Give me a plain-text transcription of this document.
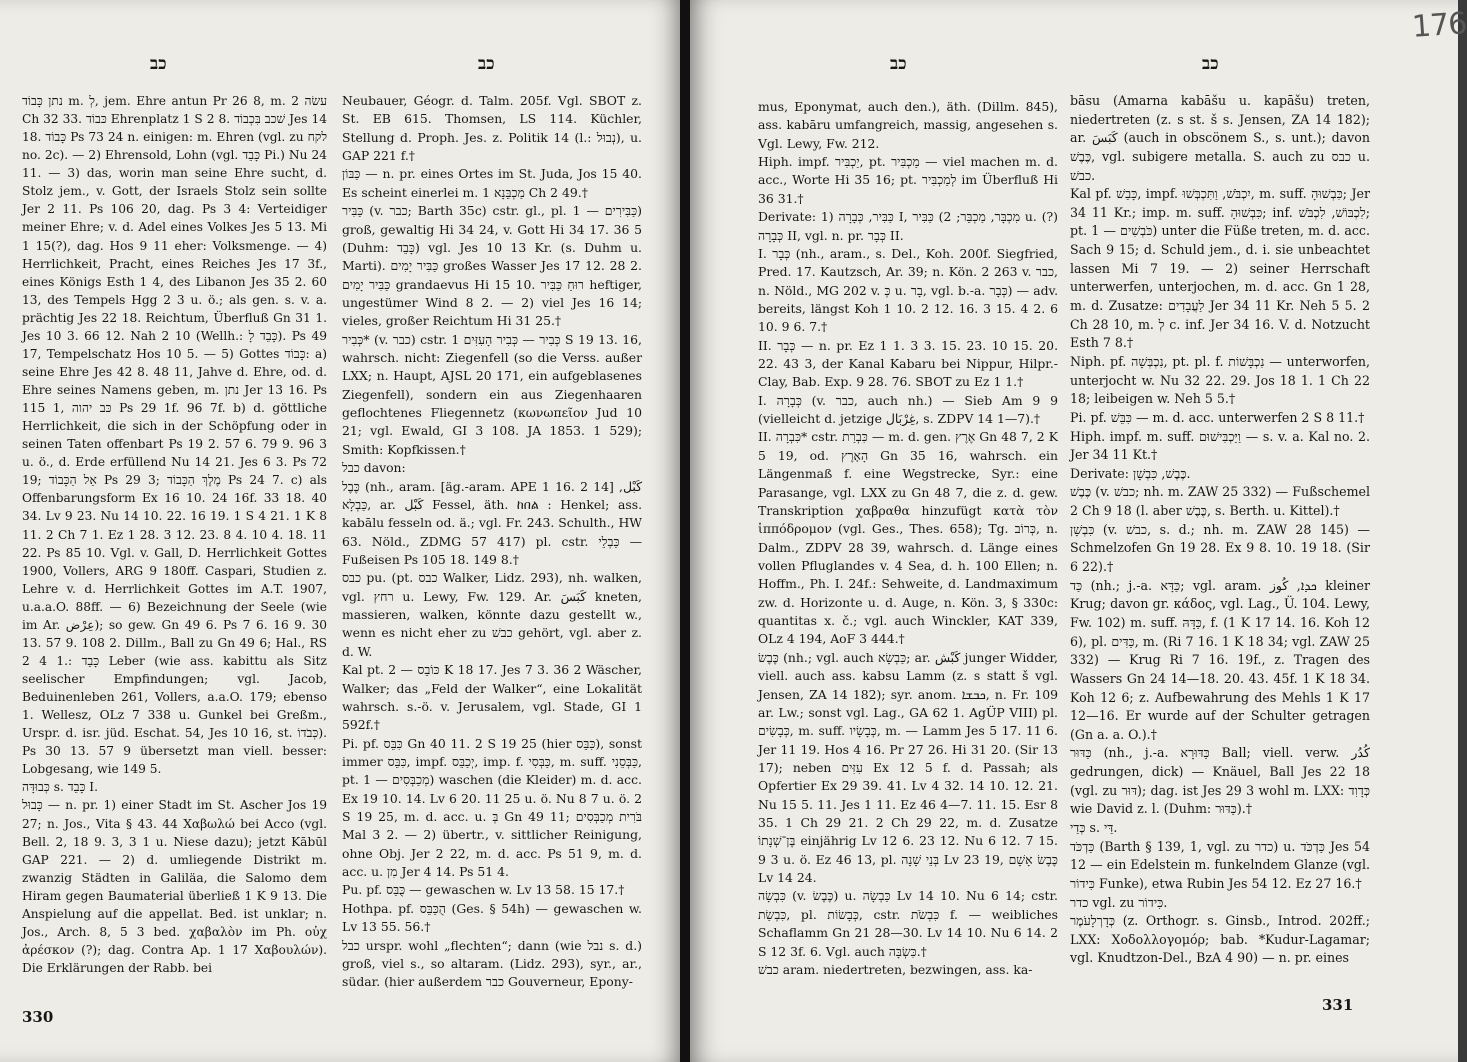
כב	כב

נתן כָּבוֹד m. לְ, jem. Ehre antun Pr 26 8, m. עשׂה 2 Ch 32 33. כּבוֹד Ehrenplatz 1 S 2 8. שׁכב בִּכְבוֹד Jes 14 18. כָּבוֹד Ps 73 24 n. einigen: m. Ehren (vgl. zu לקח no. 2c). — 2) Ehrensold, Lohn (vgl. כָּבֵד Pi.) Nu 24 11. — 3) das, worin man seine Ehre sucht, d. Stolz jem., v. Gott, der Israels Stolz sein sollte Jer 2 11. Ps 106 20, dag. Ps 3 4: Verteidiger meiner Ehre; v. d. Adel eines Volkes Jes 5 13. Mi 1 15(?), dag. Hos 9 11 eher: Volksmenge. — 4) Herrlichkeit, Pracht, eines Reiches Jes 17 3f., eines Königs Esth 1 4, des Libanon Jes 35 2. 60 13, des Tempels Hgg 2 3 u. ö.; als gen. s. v. a. prächtig Jes 22 18. Reichtum, Überfluß Gn 31 1. Jes 10 3. 66 12. Nah 2 10 (Wellh.: כָּבֵד לָ). Ps 49 17, Tempelschatz Hos 10 5. — 5) Gottes כָּבוֹד: a) seine Ehre Jes 42 8. 48 11, Jahve d. Ehre, od. d. Ehre seines Namens geben, m. נתן Jer 13 16. Ps 115 1, כּב יהוה Ps 29 1f. 96 7f. b) d. göttliche Herrlichkeit, die sich in der Schöpfung oder in seinen Taten offenbart Ps 19 2. 57 6. 79 9. 96 3 u. ö., d. Erde erfüllend Nu 14 21. Jes 6 3. Ps 72 19; אֵל הַכָּבוֹד Ps 29 3; מֶלֶךְ הַכָּבוֹד Ps 24 7. c) als Offenbarungsform Ex 16 10. 24 16f. 33 18. 40 34. Lv 9 23. Nu 14 10. 22. 16 19. 1 S 4 21. 1 K 8 11. 2 Ch 7 1. Ez 1 28. 3 12. 23. 8 4. 10 4. 18. 11 22. Ps 85 10. Vgl. v. Gall, D. Herrlichkeit Gottes 1900, Vollers, ARG 9 180ff. Caspari, Studien z. Lehre v. d. Herrlichkeit Gottes im A.T. 1907, u.a.a.O. 88ff. — 6) Bezeichnung der Seele (wie im Ar. عِرْض); so gew. Gn 49 6. Ps 7 6. 16 9. 30 13. 57 9. 108 2. Dillm., Ball zu Gn 49 6; Hal., RS 2 4 1.: כָּבֵד Leber (wie ass. kabittu als Sitz seelischer Empfindungen; vgl. Jacob, Beduinenleben 261, Vollers, a.a.O. 179; ebenso 1. Wellesz, OLz 7 338 u. Gunkel bei Greßm., Urspr. d. isr. jüd. Eschat. 54, Jes 10 16, st. כְּבֹדוֹ). Ps 30 13. 57 9 übersetzt man viell. besser: Lobgesang, wie 149 5.

כְּבוּדָּה s. כָּבֵד I.

כָּבוּל — n. pr. 1) einer Stadt im St. Ascher Jos 19 27; n. Jos., Vita § 43. 44 Χαβωλώ bei Acco (vgl. Bell. 2, 18 9. 3, 3 1 u. Niese dazu); jetzt Kābūl GAP 221. — 2) d. umliegende Distrikt m. zwanzig Städten in Galiläa, die Salomo dem Hiram gegen Baumaterial überließ 1 K 9 13. Die Anspielung auf die appellat. Bed. ist unklar; n. Jos., Arch. 8, 5 3 bed. χαβαλὸν im Ph. οὐχ ἀρέσκον (?); dag. Contra Ap. 1 17 Χαβουλών). Die Erklärungen der Rabb. bei

Neubauer, Géogr. d. Talm. 205f. Vgl. SBOT z. St. EB 615. Thomsen, LS 114. Küchler, Stellung d. Proph. Jes. z. Politik 14 (l.: נְבוּל), u. GAP 221 f.†

כַּבּוֹן — n. pr. eines Ortes im St. Juda, Jos 15 40. Es scheint einerlei m. מַכְבֵּנָא 1 Ch 2 49.†

כַּבִּיר (v. כבר; Barth 35c) cstr. gl., pl. כַּבִּירִים — 1) groß, gewaltig Hi 34 24, v. Gott Hi 34 17. 36 5 (Duhm: כָּבֵד) vgl. Jes 10 13 Kr. (s. Duhm u. Marti). כַּבִּיר יָמִים großes Wasser Jes 17 12. 28 2. כַּבִּיר יָמִים grandaevus Hi 15 10. רוּחַ כַּבִּיר heftiger, ungestümer Wind 8 2. — 2) viel Jes 16 14; vieles, großer Reichtum Hi 31 25.†

כְּבִיר* (v. כבר) cstr. כְּבִיר — כְּבִיר הָעִזִּים 1 S 19 13. 16, wahrsch. nicht: Ziegenfell (so die Verss. außer LXX; n. Haupt, AJSL 20 171, ein aufgeblasenes Ziegenfell), sondern ein aus Ziegenhaaren geflochtenes Fliegennetz (κωνωπεῖον Jud 10 21; vgl. Ewald, GI 3 108. JA 1853. 1 529); Smith: Kopfkissen.†

כבל davon:

כֶּבֶל (nh., aram. [äg.-aram. APE 1 16. 2 14] كَبْل, כַּבְלָא, ar. كَبْل Fessel, äth. ከበል : Henkel; ass. kabālu fesseln od. ä.; vgl. Fr. 243. Schulth., HW 63. Nöld., ZDMG 57 417) pl. cstr. כַּבְלֵי — Fußeisen Ps 105 18. 149 8.†

כבס pu. (pt. כבס Walker, Lidz. 293), nh. walken, vgl. רחץ u. Lewy, Fw. 129. Ar. كَبَسَ kneten, massieren, walken, könnte dazu gestellt w., wenn es nicht eher zu כבשׁ gehört, vgl. aber z. d. W.

Kal pt. כּוֹבֵס — 2 K 18 17. Jes 7 3. 36 2 Wäscher, Walker; das „Feld der Walker“, eine Lokalität wahrsch. s.-ö. v. Jerusalem, vgl. Stade, GI 1 592f.†

Pi. pf. כִּבֵּס Gn 40 11. 2 S 19 25 (hier כִּבֵּס), sonst immer כִּבֵּס, impf. יְכַבֵּס, imp. f. כַּבְּסִי, m. suff. כַּבְּסֵנִי, pt. מְכַבְּסִים — 1) waschen (die Kleider) m. d. acc. Ex 19 10. 14. Lv 6 20. 11 25 u. ö. Nu 8 7 u. ö. 2 S 19 25, m. d. acc. u. בְּ Gn 49 11; בֹּרִית מְכַבְּסִים Mal 3 2. — 2) übertr., v. sittlicher Reinigung, ohne Obj. Jer 2 22, m. d. acc. Ps 51 9, m. d. acc. u. מִן Jer 4 14. Ps 51 4.

Pu. pf. כֻּבַּס — gewaschen w. Lv 13 58. 15 17.†

Hothpa. pf. הֻכַּבֵּס (Ges. § 54h) — gewaschen w. Lv 13 55. 56.†

כבל urspr. wohl „flechten“; dann (wie נבל s. d.) groß, viel s., so altaram. (Lidz. 293), syr., ar., südar. (hier außerdem כבר Gouverneur, Epony-

330
כב	כב
176

mus, Eponymat, auch den.), äth. (Dillm. 845), ass. kabāru umfangreich, massig, angesehen s. Vgl. Lewy, Fw. 212.

Hiph. impf. יַכְבִּיר, pt. מַכְבִּיר — viel machen m. d. acc., Worte Hi 35 16; pt. לְמַכְבִּיר im Überfluß Hi 36 31.†

Derivate: 1) כַּבִּיר, כְּבָרָה I, מִכְבָּר, מַכְבֵּר; 2) כַּבִּיר u. (?) כְּבָרָה II, vgl. n. pr. כְּבָר II.

I. כְּבָר (nh., aram., s. Del., Koh. 200f. Siegfried, Pred. 17. Kautzsch, Ar. 39; n. Kön. 2 263 v. כבר, n. Nöld., MG 202 v. כְּ u. בָר, vgl. b.-a. כְּבָר) — adv. bereits, längst Koh 1 10. 2 12. 16. 3 15. 4 2. 6 10. 9 6. 7.†

II. כְּבָר — n. pr. Ez 1 1. 3 3. 15. 23. 10 15. 20. 22. 43 3, der Kanal Kabaru bei Nippur, Hilpr.-Clay, Bab. Exp. 9 28. 76. SBOT zu Ez 1 1.†

I. כְּבָרָה (v. כבר, auch nh.) — Sieb Am 9 9 (vielleicht d. jetzige غِرْبَال, s. ZDPV 14 1—7).†

II. כִּבְרָה* cstr. כִּבְרַת — m. d. gen. אֶרֶץ Gn 48 7, 2 K 5 19, od. הָאָרֶץ Gn 35 16, wahrsch. ein Längenmaß f. eine Wegstrecke, Syr.: eine Parasange, vgl. LXX zu Gn 48 7, die z. d. gew. Transkription χαβραθα hinzufügt κατὰ τὸν ἱππόδρομον (vgl. Ges., Thes. 658); Tg. כְּרוֹב, n. Dalm., ZDPV 28 39, wahrsch. d. Länge eines vollen Pfluglandes v. 4 Sea, d. h. 100 Ellen; n. Hoffm., Ph. I. 24f.: Sehweite, d. Landmaximum zw. d. Horizonte u. d. Auge, n. Kön. 3, § 330c: quantitas x. č.; vgl. auch Winckler, KAT 339, OLz 4 194, AoF 3 444.†

כֶּבֶשׂ (nh.; vgl. auch כַּבְשָׂא; ar. كَبْش junger Widder, viell. auch ass. kabsu Lamm (z. s statt š vgl. Jensen, ZA 14 182); syr. anom. ܟܒܫܐ, n. Fr. 109 ar. Lw.; sonst vgl. Lag., GA 62 1. AgÜP VIII) pl. כְּבָשִׂים, m. suff. כְּבָשָׂיו, m. — Lamm Jes 5 17. 11 6. Jer 11 19. Hos 4 16. Pr 27 26. Hi 31 20. (Sir 13 17); neben עִזִּים Ex 12 5 f. d. Passah; als Opfertier Ex 29 39. 41. Lv 4 32. 14 10. 12. 21. Nu 15 5. 11. Jes 1 11. Ez 46 4—7. 11. 15. Esr 8 35. 1 Ch 29 21. 2 Ch 29 22, m. d. Zusatze בֶּן־שְׁנָתוֹ einjährig Lv 12 6. 23 12. Nu 6 12. 7 15. 9 3 u. ö. Ez 46 13, pl. בְּנֵי שָׁנָה Lv 23 19, כֶּבֶשׂ אָשָׁם Lv 14 24.

כִּבְשָׂה (v. כֶּבֶשׂ) u. כַּבְשָׂה Lv 14 10. Nu 6 14; cstr. כִּבְשַׂת, pl. כְּבָשׂוֹת, cstr. כִּבְשֹׂת f. — weibliches Schaflamm Gn 21 28—30. Lv 14 10. Nu 6 14. 2 S 12 3f. 6. Vgl. auch כִּשְׂבָּה.†

כבשׁ aram. niedertreten, bezwingen, ass. ka-

bāsu (Amarna kabāšu u. kapāšu) treten, niedertreten (z. s st. š s. Jensen, ZA 14 182); ar. كَبَسَ (auch in obscönem S., s. unt.); davon כֶּבֶשׁ, vgl. subigere metalla. S. auch zu כבס u. כבשׁ.

Kal pf. כָּבַשׁ, impf. יִכְבֹּשׁ, וַתִּכְבְּשׁוּ, m. suff. כִּבְשׁוּהָ; Jer 34 11 Kr.; imp. m. suff. כִּבְשׁוּהָ; inf. לִכְבּוֹשׁ, לִכְבֹּשׁ; pt. כֹּבְשִׁים — 1) unter die Füße treten, m. d. acc. Sach 9 15; d. Schuld jem., d. i. sie unbeachtet lassen Mi 7 19. — 2) seiner Herrschaft unterwerfen, unterjochen, m. d. acc. Gn 1 28, m. d. Zusatze: לַעֲבָדִים Jer 34 11 Kr. Neh 5 5. 2 Ch 28 10, m. לְ c. inf. Jer 34 16. V. d. Notzucht Esth 7 8.†

Niph. pf. נִכְבְּשָׁה, pt. pl. f. נִכְבָּשׁוֹת — unterworfen, unterjocht w. Nu 32 22. 29. Jos 18 1. 1 Ch 22 18; leibeigen w. Neh 5 5.†

Pi. pf. כִּבֵּשׁ — m. d. acc. unterwerfen 2 S 8 11.†

Hiph. impf. m. suff. וַיַּכְבִּישׁוּם — s. v. a. Kal no. 2. Jer 34 11 Kt.†

Derivate: כֶּבֶשׁ, כִּבְשָׁן.

כֶּבֶשׁ (v. כבשׁ; nh. m. ZAW 25 332) — Fußschemel 2 Ch 9 18 (l. aber כֶּבֶשׁ, s. Berth. u. Kittel).†

כִּבְשָׁן (v. כבשׁ, s. d.; nh. m. ZAW 28 145) — Schmelzofen Gn 19 28. Ex 9 8. 10. 19 18. (Sir 6 22).†

כַּד (nh.; j.-a. כַּדָּא; vgl. aram. ܟܕܐ, كُوز kleiner Krug; davon gr. κάδος, vgl. Lag., Ü. 104. Lewy, Fw. 102) m. suff. כַּדָּהּ, f. (1 K 17 14. 16. Koh 12 6), pl. כַּדִּים, m. (Ri 7 16. 1 K 18 34; vgl. ZAW 25 332) — Krug Ri 7 16. 19f., z. Tragen des Wassers Gn 24 14—18. 20. 43. 45f. 1 K 18 34. Koh 12 6; z. Aufbewahrung des Mehls 1 K 17 12—16. Er wurde auf der Schulter getragen (Gn a. a. O.).†

כַּדּוּר (nh., j.-a. כַּדּוּרָא Ball; viell. verw. كُدُر gedrungen, dick) — Knäuel, Ball Jes 22 18 (vgl. zu דּוּר); dag. ist Jes 29 3 wohl m. LXX: כְּדָוִד wie David z. l. (Duhm: כַּדּוּר).†

כְּדַי s. דַּי.

כַּדְכֹּד (Barth § 139, 1, vgl. zu כדר) u. כַּדְכֹּד Jes 54 12 — ein Edelstein m. funkelndem Glanze (vgl. כִּידוֹר Funke), etwa Rubin Jes 54 12. Ez 27 16.†

כדר vgl. zu כִּידוֹר.

כְּדָרְלָעֹמֶר (z. Orthogr. s. Ginsb., Introd. 202ff.; LXX: Χοδολλογομόρ; bab. *Kudur-Lagamar; vgl. Knudtzon-Del., BzA 4 90) — n. pr. eines

331
